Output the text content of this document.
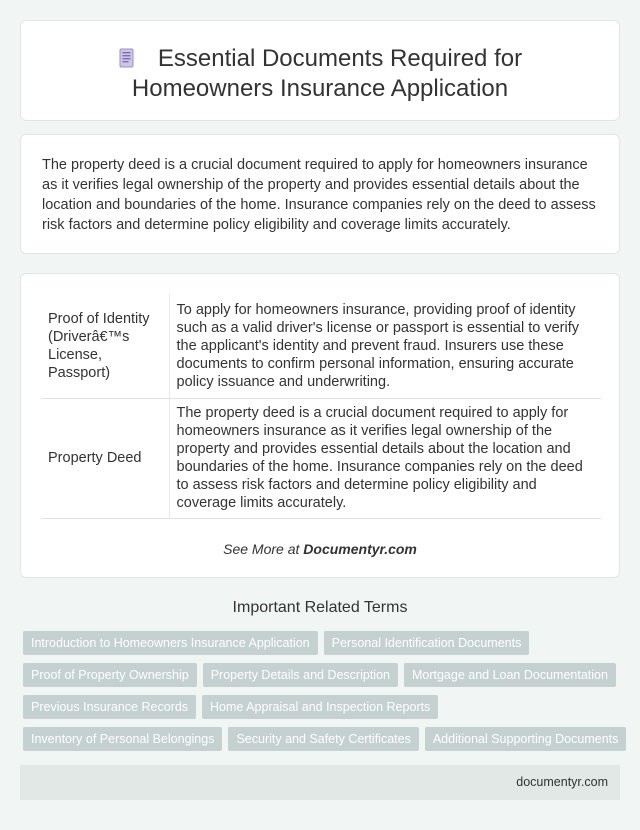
Essential Documents Required for
Homeowners Insurance Application

The property deed is a crucial document required to apply for homeowners insurance as it verifies legal ownership of the property and provides essential details about the location and boundaries of the home. Insurance companies rely on the deed to assess risk factors and determine policy eligibility and coverage limits accurately.

Proof of Identity (Driverâ€™s License, Passport)	To apply for homeowners insurance, providing proof of identity such as a valid driver's license or passport is essential to verify the applicant's identity and prevent fraud. Insurers use these documents to confirm personal information, ensuring accurate policy issuance and underwriting.
Property Deed	The property deed is a crucial document required to apply for homeowners insurance as it verifies legal ownership of the property and provides essential details about the location and boundaries of the home. Insurance companies rely on the deed to assess risk factors and determine policy eligibility and coverage limits accurately.
See More at Documentyr.com
Important Related Terms
Introduction to Homeowners Insurance Application Personal Identification Documents
Proof of Property Ownership Property Details and Description Mortgage and Loan Documentation
Previous Insurance Records Home Appraisal and Inspection Reports
Inventory of Personal Belongings Security and Safety Certificates Additional Supporting Documents
documentyr.com
